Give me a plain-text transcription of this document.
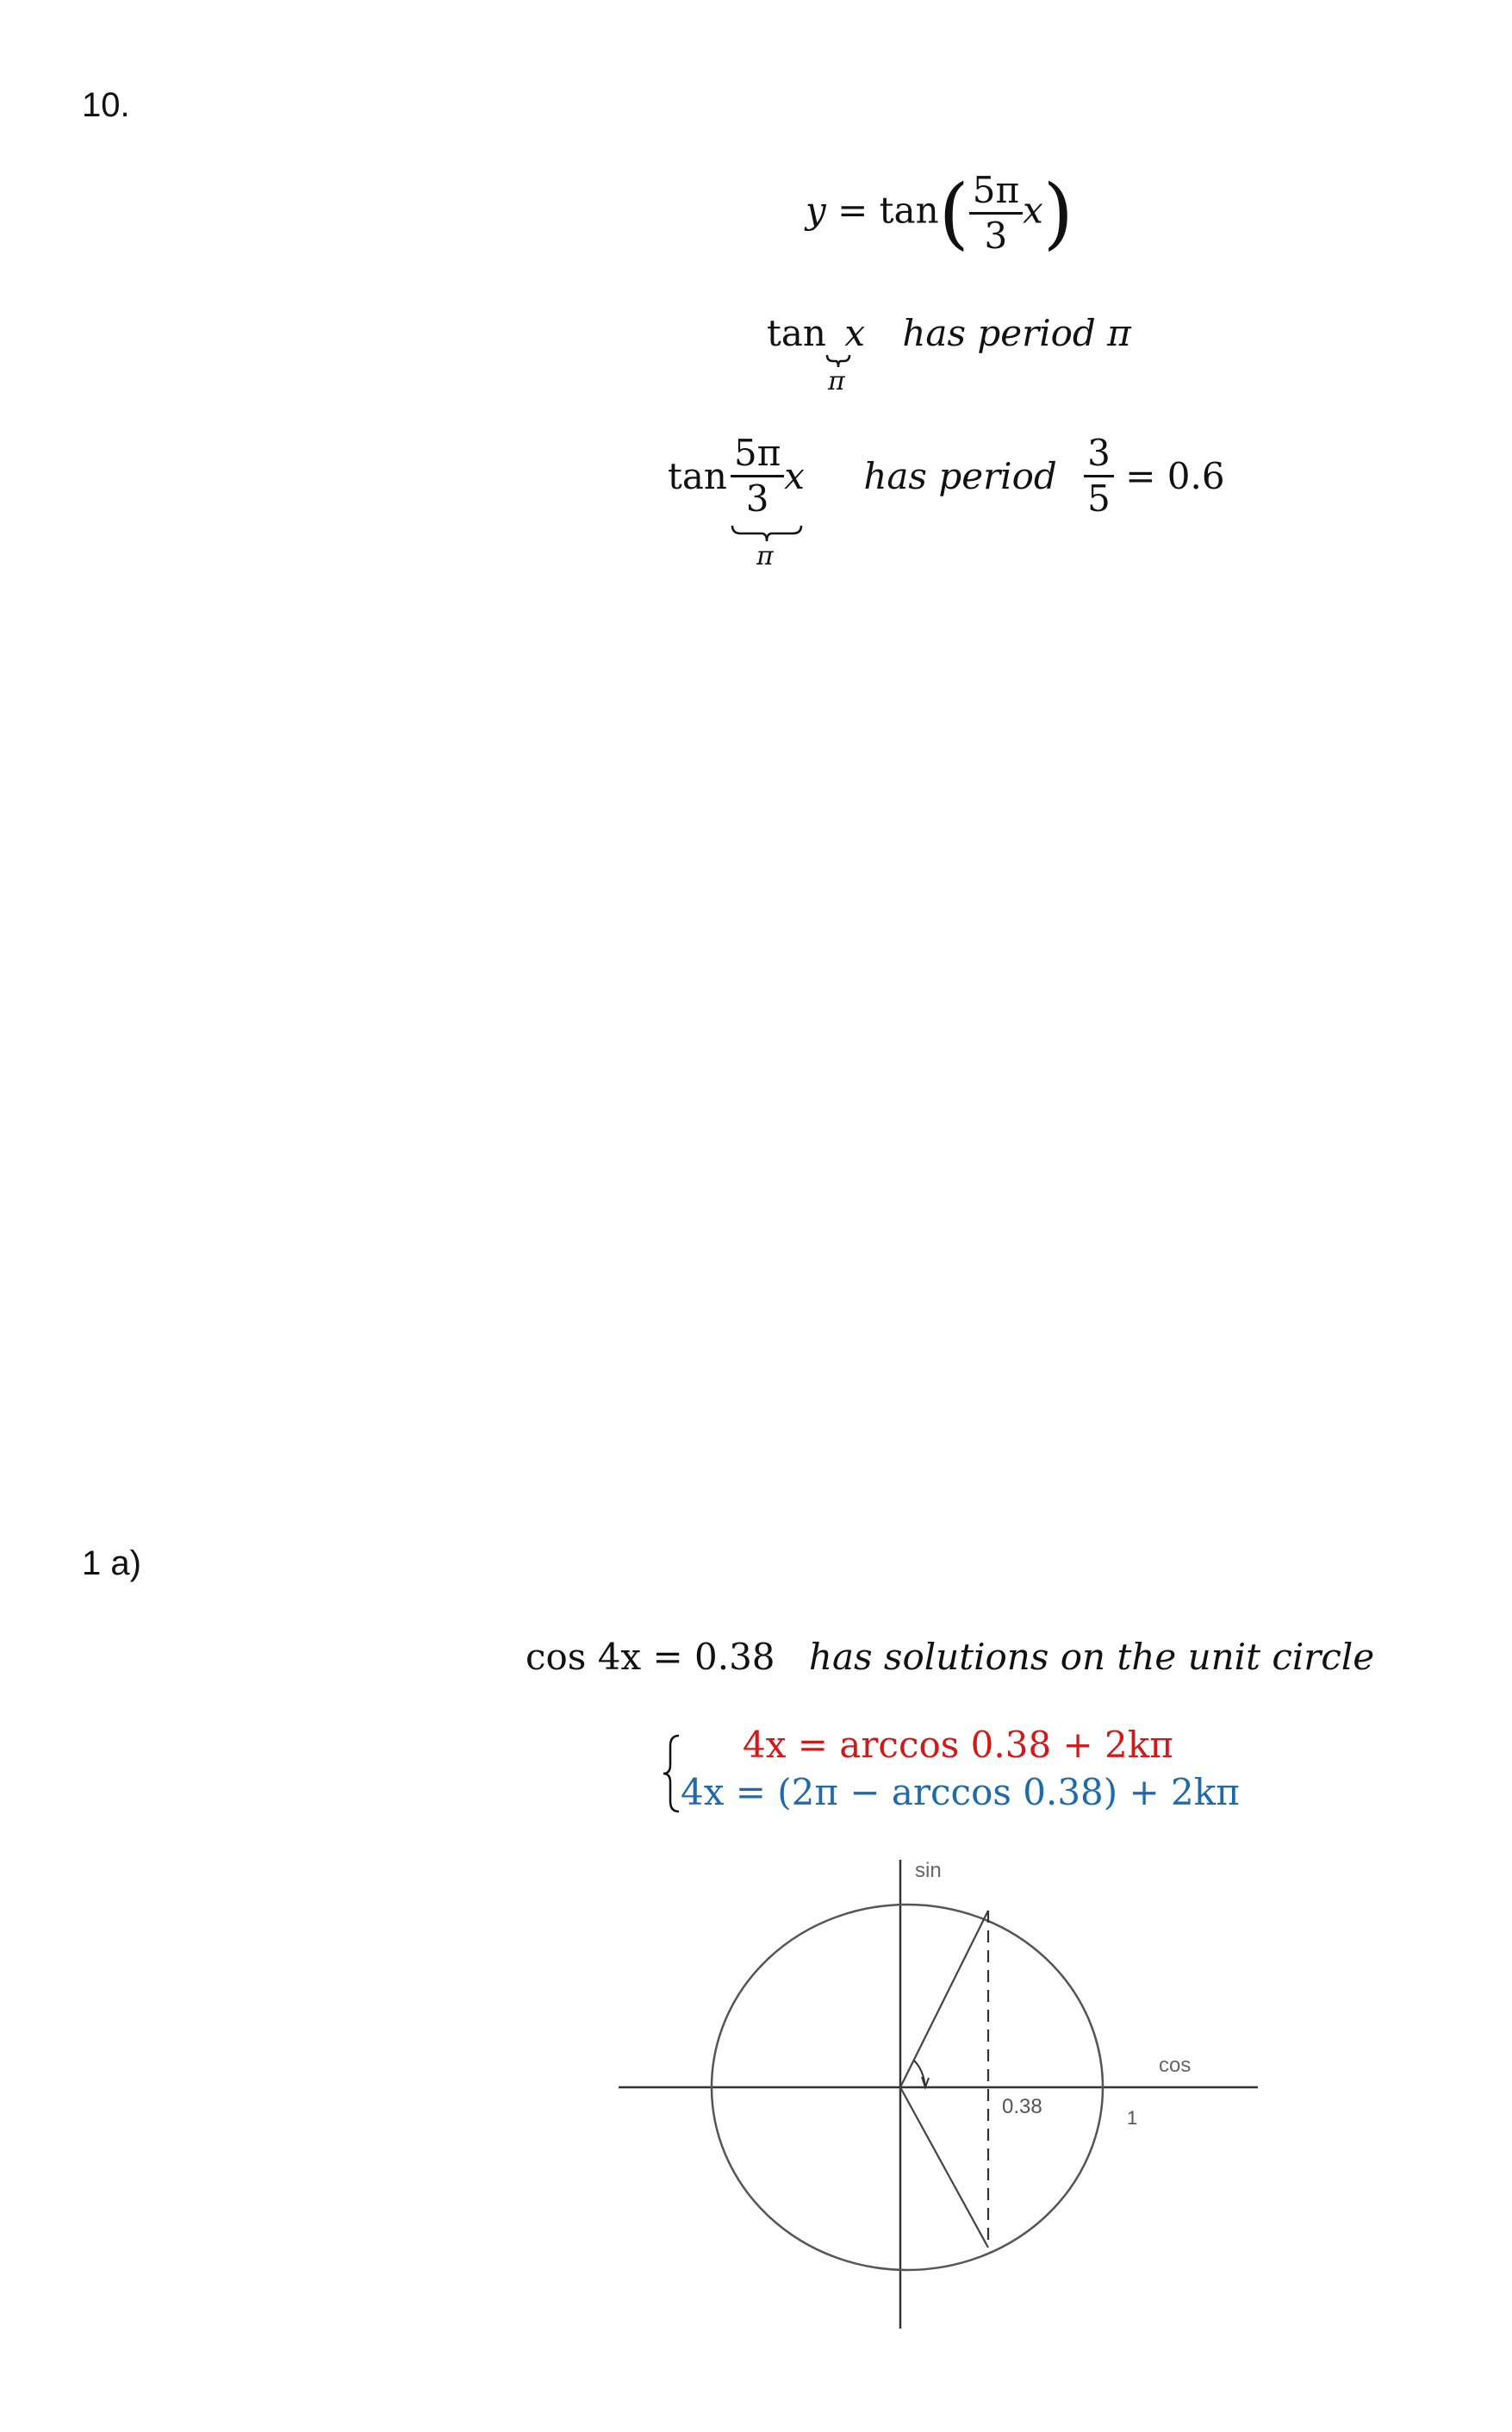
10.
$y = \tan( \frac{5\pi}{3} x)$
tan x has period π
π
$\tan \frac{5\pi}{3}$ x has period $\frac{3}{5} = 0.6$
π
1 a)
cos 4x = 0.38 has solutions on the unit circle
4x = arccos 0.38 + 2kπ
4x = (2π − arccos 0.38) + 2kπ
sin
cos
0.38	1
